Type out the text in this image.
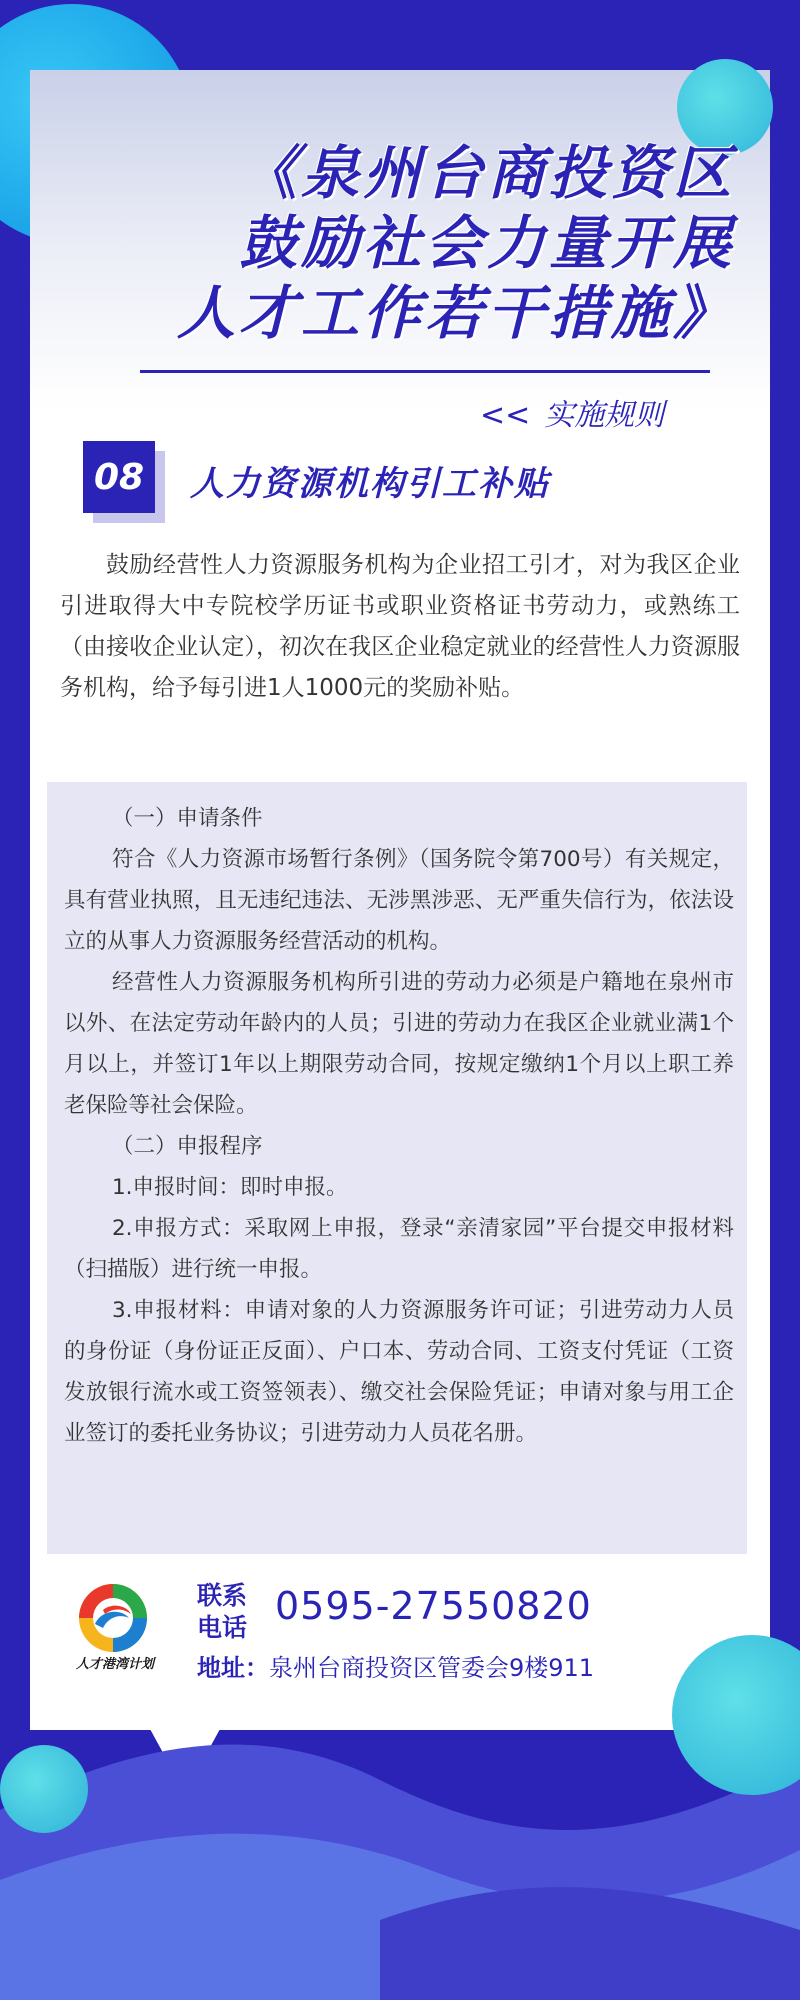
《泉州台商投资区
鼓励社会力量开展
人才工作若干措施》
<< 实施规则
08	人力资源机构引工补贴

鼓励经营性人力资源服务机构为企业招工引才，对为我区企业引进取得大中专院校学历证书或职业资格证书劳动力，或熟练工（由接收企业认定），初次在我区企业稳定就业的经营性人力资源服务机构，给予每引进1人1000元的奖励补贴。

（一）申请条件

符合《人力资源市场暂行条例》（国务院令第700号）有关规定，具有营业执照，且无违纪违法、无涉黑涉恶、无严重失信行为，依法设立的从事人力资源服务经营活动的机构。

经营性人力资源服务机构所引进的劳动力必须是户籍地在泉州市以外、在法定劳动年龄内的人员；引进的劳动力在我区企业就业满1个月以上，并签订1年以上期限劳动合同，按规定缴纳1个月以上职工养老保险等社会保险。

（二）申报程序

1.申报时间：即时申报。

2.申报方式：采取网上申报，登录“亲清家园”平台提交申报材料（扫描版）进行统一申报。

3.申报材料：申请对象的人力资源服务许可证；引进劳动力人员的身份证（身份证正反面）、户口本、劳动合同、工资支付凭证（工资发放银行流水或工资签领表）、缴交社会保险凭证；申请对象与用工企业签订的委托业务协议；引进劳动力人员花名册。

人才港湾计划
联系
电话 0595-27550820
地址：泉州台商投资区管委会9楼911
